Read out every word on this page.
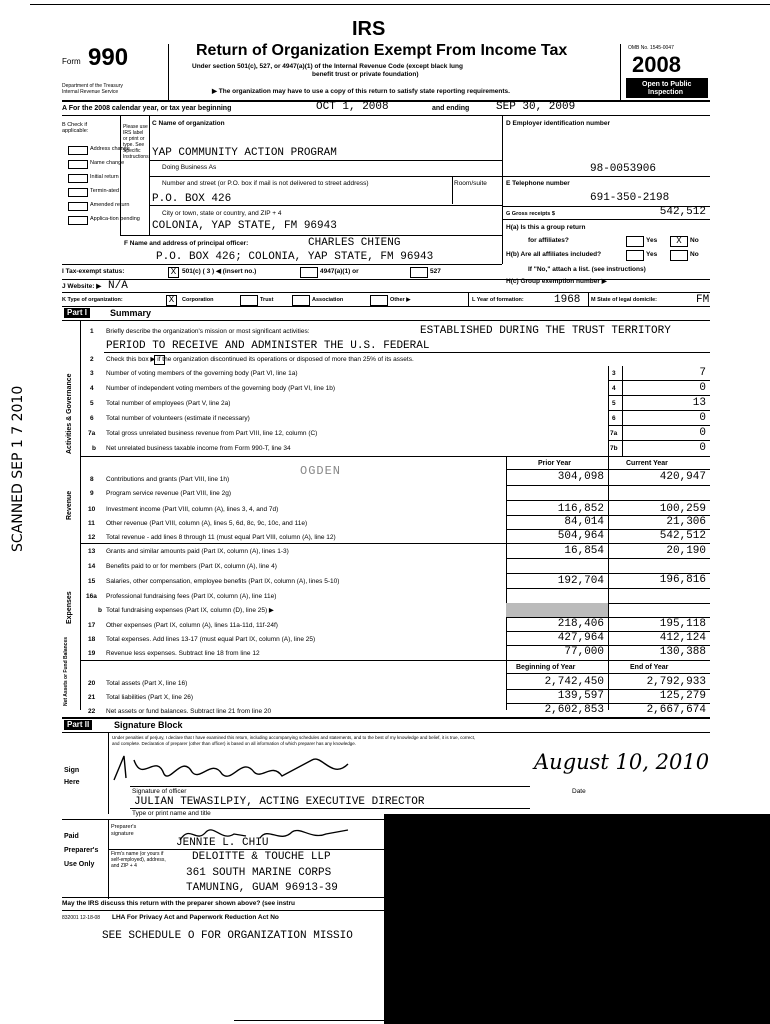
IRS
Form 990
Department of the Treasury
Internal Revenue Service
Return of Organization Exempt From Income Tax
Under section 501(c), 527, or 4947(a)(1) of the Internal Revenue Code (except black lung
benefit trust or private foundation)
▶ The organization may have to use a copy of this return to satisfy state reporting requirements.
OMB No. 1545-0047
2008
Open to Public
Inspection
A For the 2008 calendar year, or tax year beginning	OCT 1, 2008	and ending SEP 30, 2009
B Check if applicable:
Please use IRS label or print or type. See Specific Instructions.
Address change
Name change
Initial return
Termin-ated
Amended return
Applica-tion pending
C Name of organization
YAP COMMUNITY ACTION PROGRAM
Doing Business As
Number and street (or P.O. box if mail is not delivered to street address)	Room/suite
P.O. BOX 426
City or town, state or country, and ZIP + 4
COLONIA, YAP STATE, FM 96943
F Name and address of principal officer:	CHARLES CHIENG
P.O. BOX 426; COLONIA, YAP STATE, FM 96943
D Employer identification number
98-0053906
E Telephone number
691-350-2198
G Gross receipts $	542,512
H(a) Is this a group return
for affiliates?	Yes	X	No
H(b) Are all affiliates included?	Yes	No
If "No," attach a list. (see instructions)
H(c) Group exemption number ▶
I Tax-exempt status:	X 501(c) ( 3 ) ◀ (insert no.)	4947(a)(1) or	527
J Website: ▶ N/A
K Type of organization:	X	Corporation	Trust	Association	Other ▶	L Year of formation:	1968 M State of legal domicile:	FM
Part I	Summary
Activities & Governance
Revenue
Expenses
Net Assets or Fund Balances
1 Briefly describe the organization's mission or most significant activities:	ESTABLISHED DURING THE TRUST TERRITORY
PERIOD TO RECEIVE AND ADMINISTER THE U.S. FEDERAL
2 Check this box ▶ if the organization discontinued its operations or disposed of more than 25% of its assets.
3 Number of voting members of the governing body (Part VI, line 1a)	3	7
4 Number of independent voting members of the governing body (Part VI, line 1b)	4	0
5 Total number of employees (Part V, line 2a)	5	13
6 Total number of volunteers (estimate if necessary)	6	0
7a Total gross unrelated business revenue from Part VIII, line 12, column (C)	7a	0
b Net unrelated business taxable income from Form 990-T, line 34	7b	0
Prior Year	Current Year
8 Contributions and grants (Part VIII, line 1h)	304,098	420,947
OGDEN
9 Program service revenue (Part VIII, line 2g)
10 Investment income (Part VIII, column (A), lines 3, 4, and 7d)	116,852	100,259
11 Other revenue (Part VIII, column (A), lines 5, 6d, 8c, 9c, 10c, and 11e)	84,014	21,306
12 Total revenue - add lines 8 through 11 (must equal Part VIII, column (A), line 12)	504,964	542,512
13 Grants and similar amounts paid (Part IX, column (A), lines 1-3)	16,854	20,190
14 Benefits paid to or for members (Part IX, column (A), line 4)
15 Salaries, other compensation, employee benefits (Part IX, column (A), lines 5-10)	192,704	196,816
16a Professional fundraising fees (Part IX, column (A), line 11e)
b Total fundraising expenses (Part IX, column (D), line 25) ▶
17 Other expenses (Part IX, column (A), lines 11a-11d, 11f-24f)	218,406	195,118
18 Total expenses. Add lines 13-17 (must equal Part IX, column (A), line 25)	427,964	412,124
19 Revenue less expenses. Subtract line 18 from line 12	77,000	130,388
Beginning of Year	End of Year
20 Total assets (Part X, line 16)	2,742,450	2,792,933
21 Total liabilities (Part X, line 26)	139,597	125,279
22 Net assets or fund balances. Subtract line 21 from line 20	2,602,853	2,667,674
Part II	Signature Block
Under penalties of perjury, I declare that I have examined this return, including accompanying schedules and statements, and to the best of my knowledge and belief, it is true, correct,
and complete. Declaration of preparer (other than officer) is based on all information of which preparer has any knowledge.
Sign
Here
Signature of officer
August 10, 2010
Date
JULIAN TEWASILPIY, ACTING EXECUTIVE DIRECTOR
Type or print name and title
Paid
Preparer's
Use Only
Preparer's signature
JENNIE L. CHIU
Firm's name (or yours if self-employed), address, and ZIP + 4
DELOITTE & TOUCHE LLP
361 SOUTH MARINE CORPS
TAMUNING, GUAM 96913-39
May the IRS discuss this return with the preparer shown above? (see instru
832001 12-18-08 LHA For Privacy Act and Paperwork Reduction Act No
SEE SCHEDULE O FOR ORGANIZATION MISSIO
SCANNED SEP 1 7 2010
